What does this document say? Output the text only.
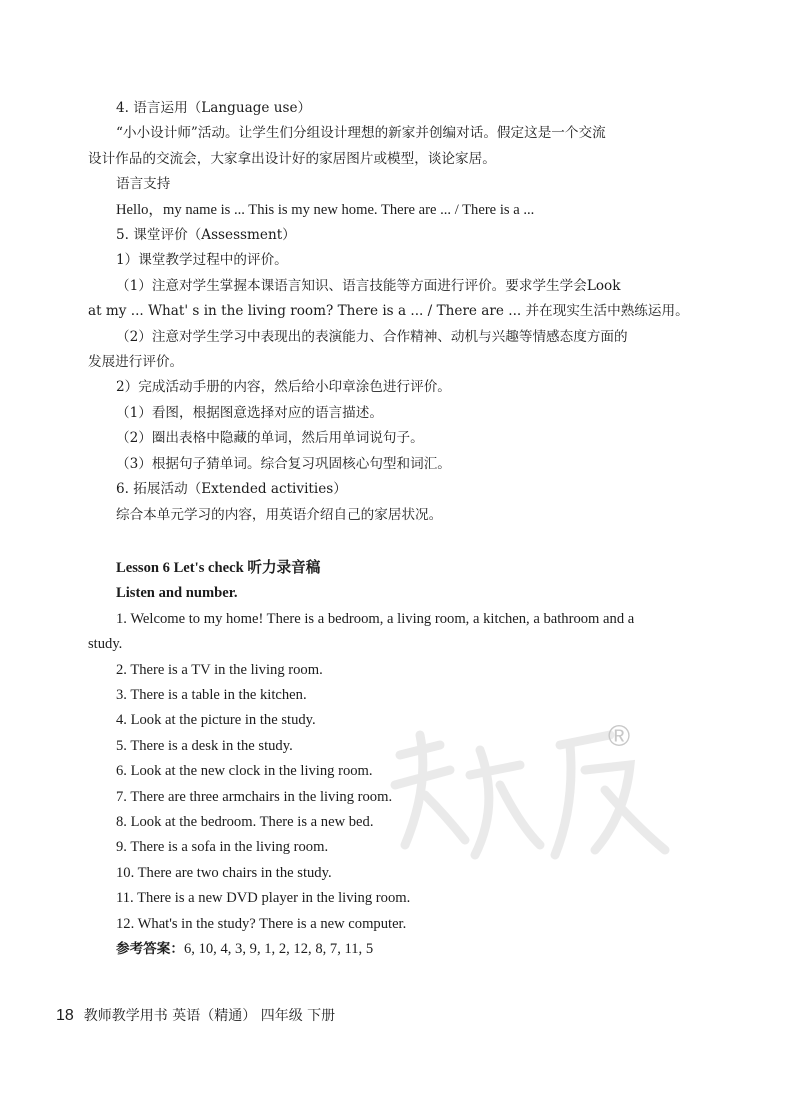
®
4. 语言运用（Language use）
“小小设计师”活动。让学生们分组设计理想的新家并创编对话。假定这是一个交流
设计作品的交流会，大家拿出设计好的家居图片或模型，谈论家居。
语言支持
Hello，my name is ... This is my new home. There are ... / There is a ...
5. 课堂评价（Assessment）
1）课堂教学过程中的评价。
（1）注意对学生掌握本课语言知识、语言技能等方面进行评价。要求学生学会Look
at my ... What' s in the living room? There is a ... / There are ... 并在现实生活中熟练运用。
（2）注意对学生学习中表现出的表演能力、合作精神、动机与兴趣等情感态度方面的
发展进行评价。
2）完成活动手册的内容，然后给小印章涂色进行评价。
（1）看图，根据图意选择对应的语言描述。
（2）圈出表格中隐藏的单词，然后用单词说句子。
（3）根据句子猜单词。综合复习巩固核心句型和词汇。
6. 拓展活动（Extended activities）
综合本单元学习的内容，用英语介绍自己的家居状况。
Lesson 6 Let's check 听力录音稿
Listen and number.
1. Welcome to my home! There is a bedroom, a living room, a kitchen, a bathroom and a
study.
2. There is a TV in the living room.
3. There is a table in the kitchen.
4. Look at the picture in the study.
5. There is a desk in the study.
6. Look at the new clock in the living room.
7. There are three armchairs in the living room.
8. Look at the bedroom. There is a new bed.
9. There is a sofa in the living room.
10. There are two chairs in the study.
11. There is a new DVD player in the living room.
12. What's in the study? There is a new computer.
参考答案：6, 10, 4, 3, 9, 1, 2, 12, 8, 7, 11, 5
18 教师教学用书 英语（精通） 四年级 下册
